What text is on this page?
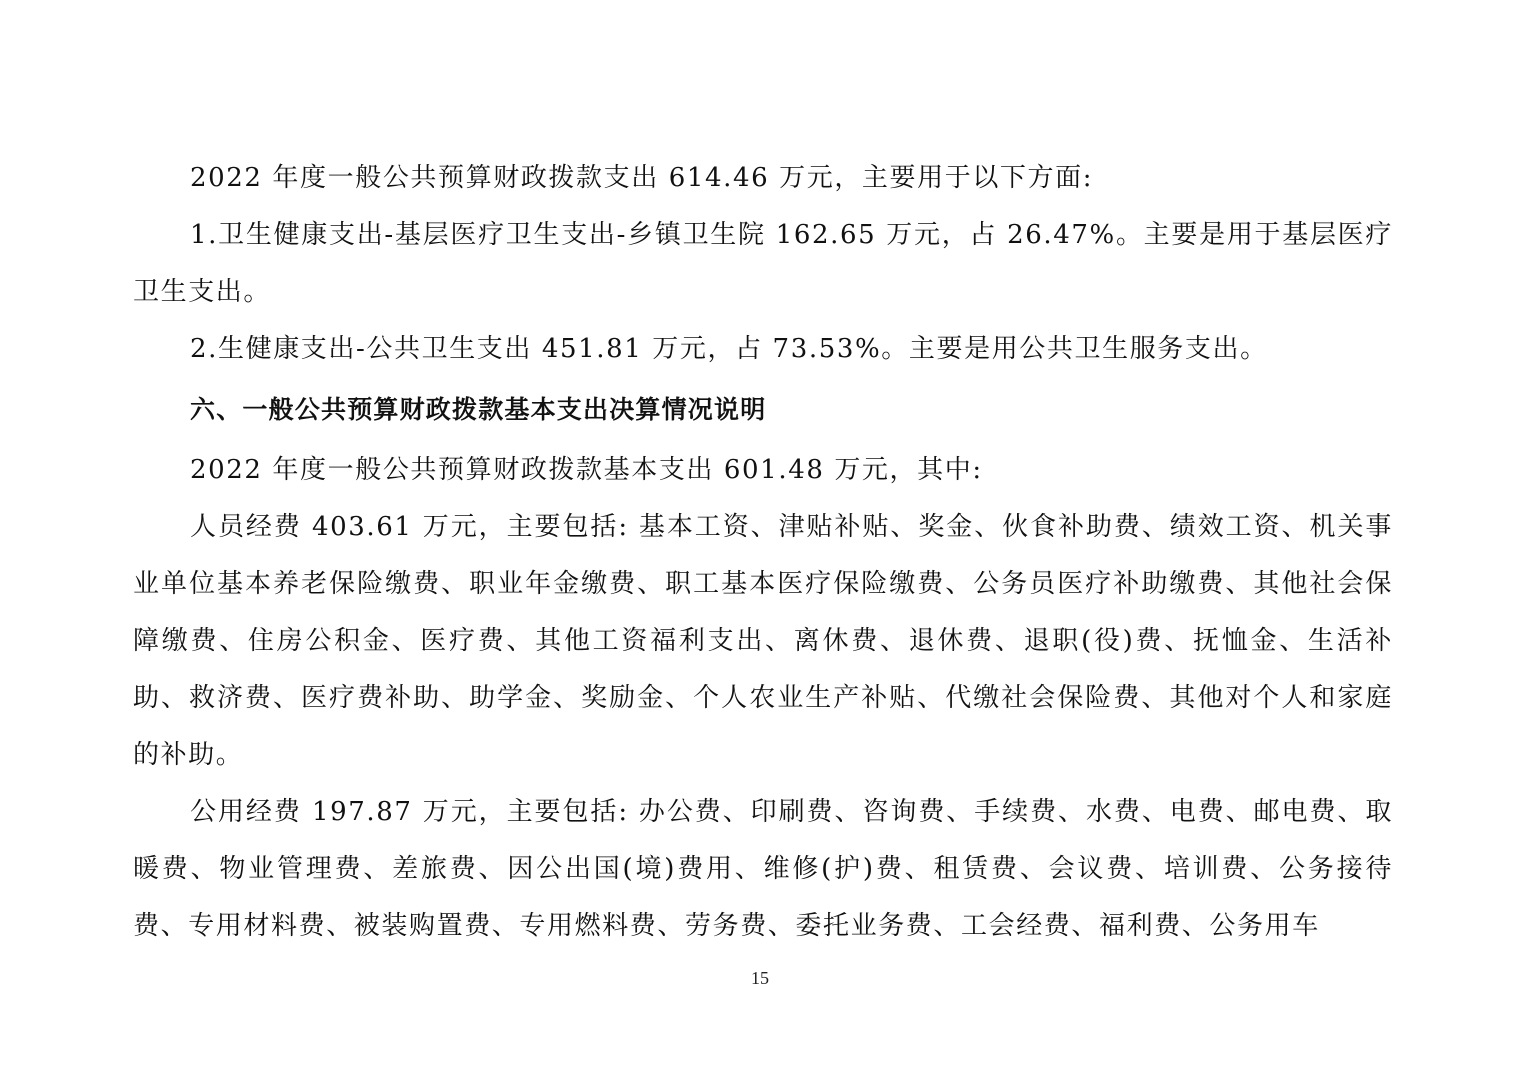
2022 年度一般公共预算财政拨款支出 614.46 万元，主要用于以下方面:

1.卫生健康支出-基层医疗卫生支出-乡镇卫生院 162.65 万元，占 26.47%。主要是用于基层医疗卫生支出。

2.生健康支出-公共卫生支出 451.81 万元，占 73.53%。主要是用公共卫生服务支出。

六、一般公共预算财政拨款基本支出决算情况说明

2022 年度一般公共预算财政拨款基本支出 601.48 万元，其中:

人员经费 403.61 万元，主要包括: 基本工资、津贴补贴、奖金、伙食补助费、绩效工资、机关事业单位基本养老保险缴费、职业年金缴费、职工基本医疗保险缴费、公务员医疗补助缴费、其他社会保障缴费、住房公积金、医疗费、其他工资福利支出、离休费、退休费、退职(役)费、抚恤金、生活补助、救济费、医疗费补助、助学金、奖励金、个人农业生产补贴、代缴社会保险费、其他对个人和家庭的补助。

公用经费 197.87 万元，主要包括: 办公费、印刷费、咨询费、手续费、水费、电费、邮电费、取暖费、物业管理费、差旅费、因公出国(境)费用、维修(护)费、租赁费、会议费、培训费、公务接待费、专用材料费、被装购置费、专用燃料费、劳务费、委托业务费、工会经费、福利费、公务用车

15
